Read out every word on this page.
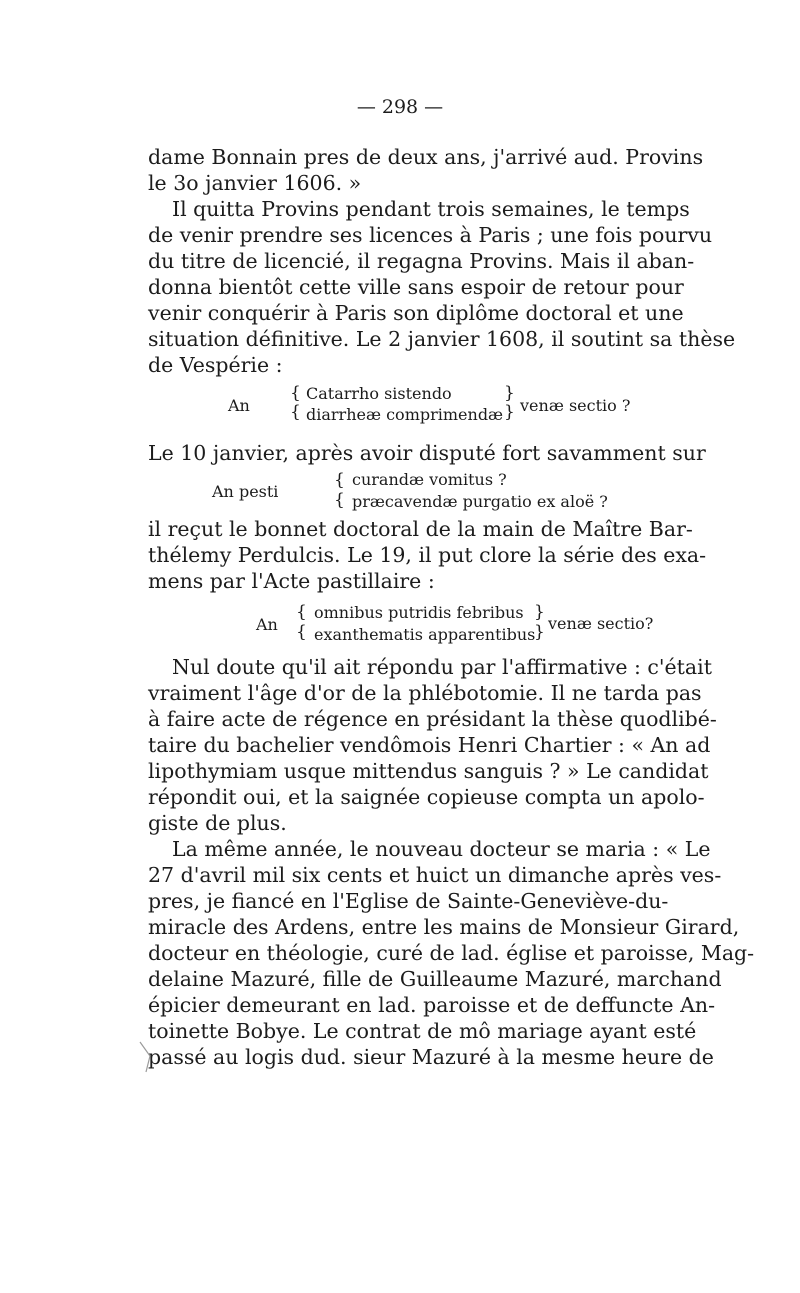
— 298 —
dame Bonnain pres de deux ans, j'arrivé aud. Provins
le 3o janvier 1606. »
Il quitta Provins pendant trois semaines, le temps
de venir prendre ses licences à Paris ; une fois pourvu
du titre de licencié, il regagna Provins. Mais il aban-
donna bientôt cette ville sans espoir de retour pour
venir conquérir à Paris son diplôme doctoral et une
situation définitive. Le 2 janvier 1608, il soutint sa thèse
de Vespérie :
An
{
{
Catarrho sistendo
diarrheæ comprimendæ
}
} venæ sectio ?
Le 10 janvier, après avoir disputé fort savamment sur
An pesti
{
{
curandæ vomitus ?
præcavendæ purgatio ex aloë ?
il reçut le bonnet doctoral de la main de Maître Bar-
thélemy Perdulcis. Le 19, il put clore la série des exa-
mens par l'Acte pastillaire :
An
{
{
omnibus putridis febribus
exanthematis apparentibus
}
} venæ sectio?
Nul doute qu'il ait répondu par l'affirmative : c'était
vraiment l'âge d'or de la phlébotomie. Il ne tarda pas
à faire acte de régence en présidant la thèse quodlibé-
taire du bachelier vendômois Henri Chartier : « An ad
lipothymiam usque mittendus sanguis ? » Le candidat
répondit oui, et la saignée copieuse compta un apolo-
giste de plus.
La même année, le nouveau docteur se maria : « Le
27 d'avril mil six cents et huict un dimanche après ves-
pres, je fiancé en l'Eglise de Sainte-Geneviève-du-
miracle des Ardens, entre les mains de Monsieur Girard,
docteur en théologie, curé de lad. église et paroisse, Mag-
delaine Mazuré, fille de Guilleaume Mazuré, marchand
épicier demeurant en lad. paroisse et de deffuncte An-
toinette Bobye. Le contrat de mô mariage ayant esté
passé au logis dud. sieur Mazuré à la mesme heure de
